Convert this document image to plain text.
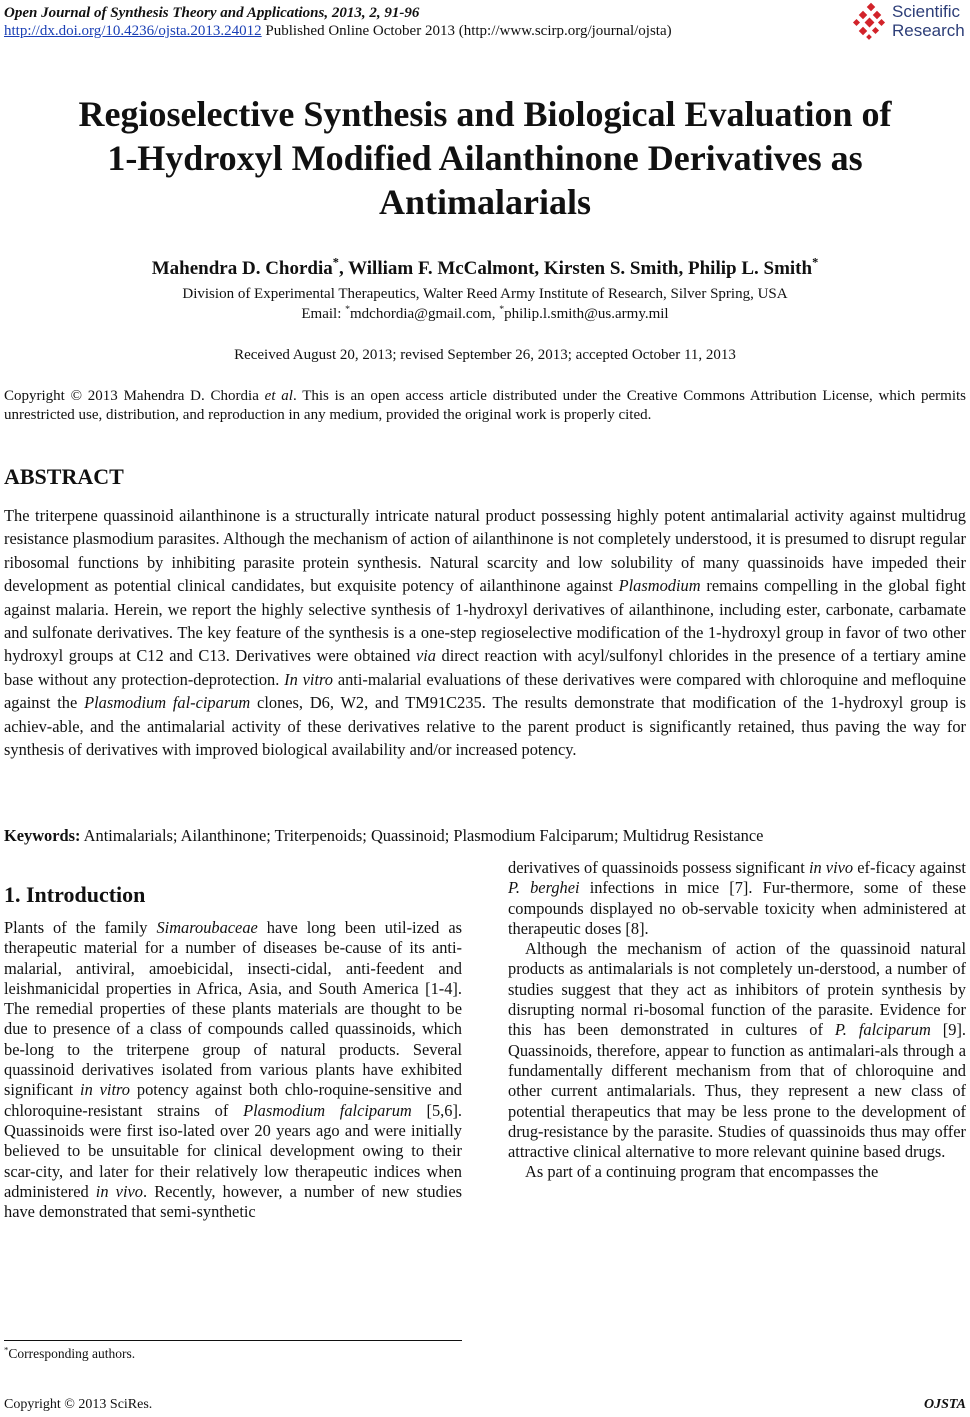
Open Journal of Synthesis Theory and Applications, 2013, 2, 91-96
http://dx.doi.org/10.4236/ojsta.2013.24012 Published Online October 2013 (http://www.scirp.org/journal/ojsta)
Scientific
Research
Regioselective Synthesis and Biological Evaluation of
1-Hydroxyl Modified Ailanthinone Derivatives as
Antimalarials
Mahendra D. Chordia*, William F. McCalmont, Kirsten S. Smith, Philip L. Smith*
Division of Experimental Therapeutics, Walter Reed Army Institute of Research, Silver Spring, USA
Email: *mdchordia@gmail.com, *philip.l.smith@us.army.mil
Received August 20, 2013; revised September 26, 2013; accepted October 11, 2013
Copyright © 2013 Mahendra D. Chordia et al. This is an open access article distributed under the Creative Commons Attribution License, which permits unrestricted use, distribution, and reproduction in any medium, provided the original work is properly cited.
ABSTRACT
The triterpene quassinoid ailanthinone is a structurally intricate natural product possessing highly potent antimalarial activity against multidrug resistance plasmodium parasites. Although the mechanism of action of ailanthinone is not completely understood, it is presumed to disrupt regular ribosomal functions by inhibiting parasite protein synthesis. Natural scarcity and low solubility of many quassinoids have impeded their development as potential clinical candidates, but exquisite potency of ailanthinone against Plasmodium remains compelling in the global fight against malaria. Herein, we report the highly selective synthesis of 1-hydroxyl derivatives of ailanthinone, including ester, carbonate, carbamate and sulfonate derivatives. The key feature of the synthesis is a one-step regioselective modification of the 1-hydroxyl group in favor of two other hydroxyl groups at C12 and C13. Derivatives were obtained via direct reaction with acyl/sulfonyl chlorides in the presence of a tertiary amine base without any protection-deprotection. In vitro anti-malarial evaluations of these derivatives were compared with chloroquine and mefloquine against the Plasmodium fal-ciparum clones, D6, W2, and TM91C235. The results demonstrate that modification of the 1-hydroxyl group is achiev-able, and the antimalarial activity of these derivatives relative to the parent product is significantly retained, thus paving the way for synthesis of derivatives with improved biological availability and/or increased potency.
Keywords: Antimalarials; Ailanthinone; Triterpenoids; Quassinoid; Plasmodium Falciparum; Multidrug Resistance
1. Introduction

Plants of the family Simaroubaceae have long been util-ized as therapeutic material for a number of diseases be-cause of its anti-malarial, antiviral, amoebicidal, insecti-cidal, anti-feedent and leishmanicidal properties in Africa, Asia, and South America [1-4]. The remedial properties of these plants materials are thought to be due to presence of a class of compounds called quassinoids, which be-long to the triterpene group of natural products. Several quassinoid derivatives isolated from various plants have exhibited significant in vitro potency against both chlo-roquine-sensitive and chloroquine-resistant strains of Plasmodium falciparum [5,6]. Quassinoids were first iso-lated over 20 years ago and were initially believed to be unsuitable for clinical development owing to their scar-city, and later for their relatively low therapeutic indices when administered in vivo. Recently, however, a number of new studies have demonstrated that semi-synthetic

derivatives of quassinoids possess significant in vivo ef-ficacy against P. berghei infections in mice [7]. Fur-thermore, some of these compounds displayed no ob-servable toxicity when administered at therapeutic doses [8].

Although the mechanism of action of the quassinoid natural products as antimalarials is not completely un-derstood, a number of studies suggest that they act as inhibitors of protein synthesis by disrupting normal ri-bosomal function of the parasite. Evidence for this has been demonstrated in cultures of P. falciparum [9]. Quassinoids, therefore, appear to function as antimalari-als through a fundamentally different mechanism from that of chloroquine and other current antimalarials. Thus, they represent a new class of potential therapeutics that may be less prone to the development of drug-resistance by the parasite. Studies of quassinoids thus may offer attractive clinical alternative to more relevant quinine based drugs.

As part of a continuing program that encompasses the

*Corresponding authors.
Copyright © 2013 SciRes.	OJSTA
